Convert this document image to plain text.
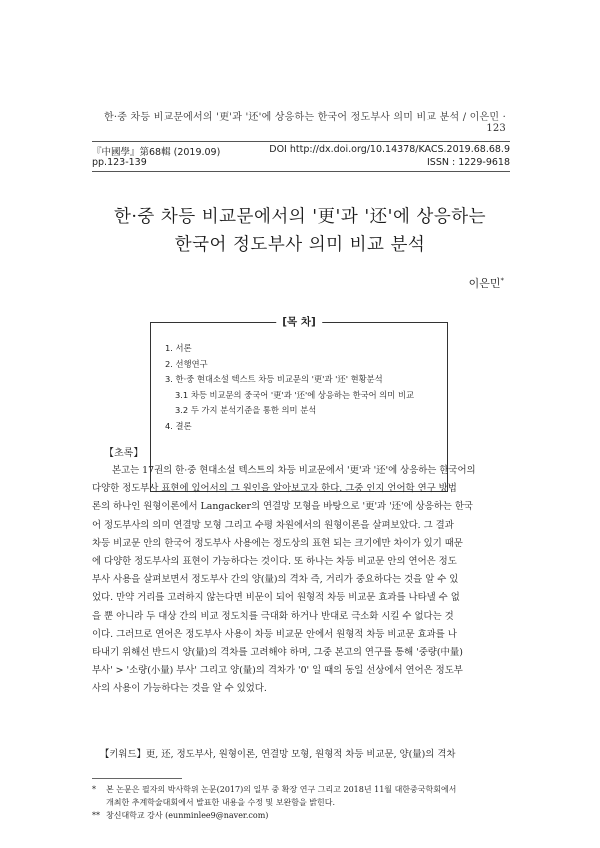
한·중 차등 비교문에서의 '更'과 '还'에 상응하는 한국어 정도부사 의미 비교 분석 / 이은민 · 123
『中國學』第68輯 (2019.09)	DOI http://dx.doi.org/10.14378/KACS.2019.68.68.9
pp.123-139	ISSN : 1229-9618
한·중 차등 비교문에서의 '更'과 '还'에 상응하는
한국어 정도부사 의미 비교 분석
이은민*
[목 차]
1. 서론
2. 선행연구
3. 한·중 현대소설 텍스트 차등 비교문의 '更'과 '还' 현황분석
3.1 차등 비교문의 중국어 '更'과 '还'에 상응하는 한국어 의미 비교
3.2 두 가지 분석기준을 통한 의미 분석
4. 결론
【초록】
본고는 17권의 한·중 현대소설 텍스트의 차등 비교문에서 '更'과 '还'에 상응하는 한국어의
다양한 정도부사 표현에 있어서의 그 원인을 알아보고자 한다. 그중 인지 언어학 연구 방법
론의 하나인 원형이론에서 Langacker의 연결망 모형을 바탕으로 '更'과 '还'에 상응하는 한국
어 정도부사의 의미 연결망 모형 그리고 수평 차원에서의 원형이론을 살펴보았다. 그 결과
차등 비교문 안의 한국어 정도부사 사용에는 정도상의 표현 되는 크기에만 차이가 있기 때문
에 다양한 정도부사의 표현이 가능하다는 것이다. 또 하나는 차등 비교문 안의 연어은 정도
부사 사용을 살펴보면서 정도부사 간의 양(量)의 격차 즉, 거리가 중요하다는 것을 알 수 있
었다. 만약 거리를 고려하지 않는다면 비문이 되어 원형적 차등 비교문 효과를 나타낼 수 없
을 뿐 아니라 두 대상 간의 비교 정도치를 극대화 하거나 반대로 극소화 시킬 수 없다는 것
이다. 그러므로 연어은 정도부사 사용이 차등 비교문 안에서 원형적 차등 비교문 효과를 나
타내기 위해선 반드시 양(量)의 격차를 고려해야 하며, 그중 본고의 연구를 통해 '중량(中量)
부사' > '소량(小量) 부사' 그리고 양(量)의 격차가 '0' 일 때의 동일 선상에서 연어은 정도부
사의 사용이 가능하다는 것을 알 수 있었다.
【키워드】更, 还, 정도부사, 원형이론, 연결망 모형, 원형적 차등 비교문, 양(量)의 격차
* 본 논문은 필자의 박사학위 논문(2017)의 일부 중 확장 연구 그리고 2018년 11월 대한중국학회에서
개최한 추계학술대회에서 발표한 내용을 수정 및 보완함을 밝힌다.
** 창신대학교 강사 (eunminlee9@naver.com)
